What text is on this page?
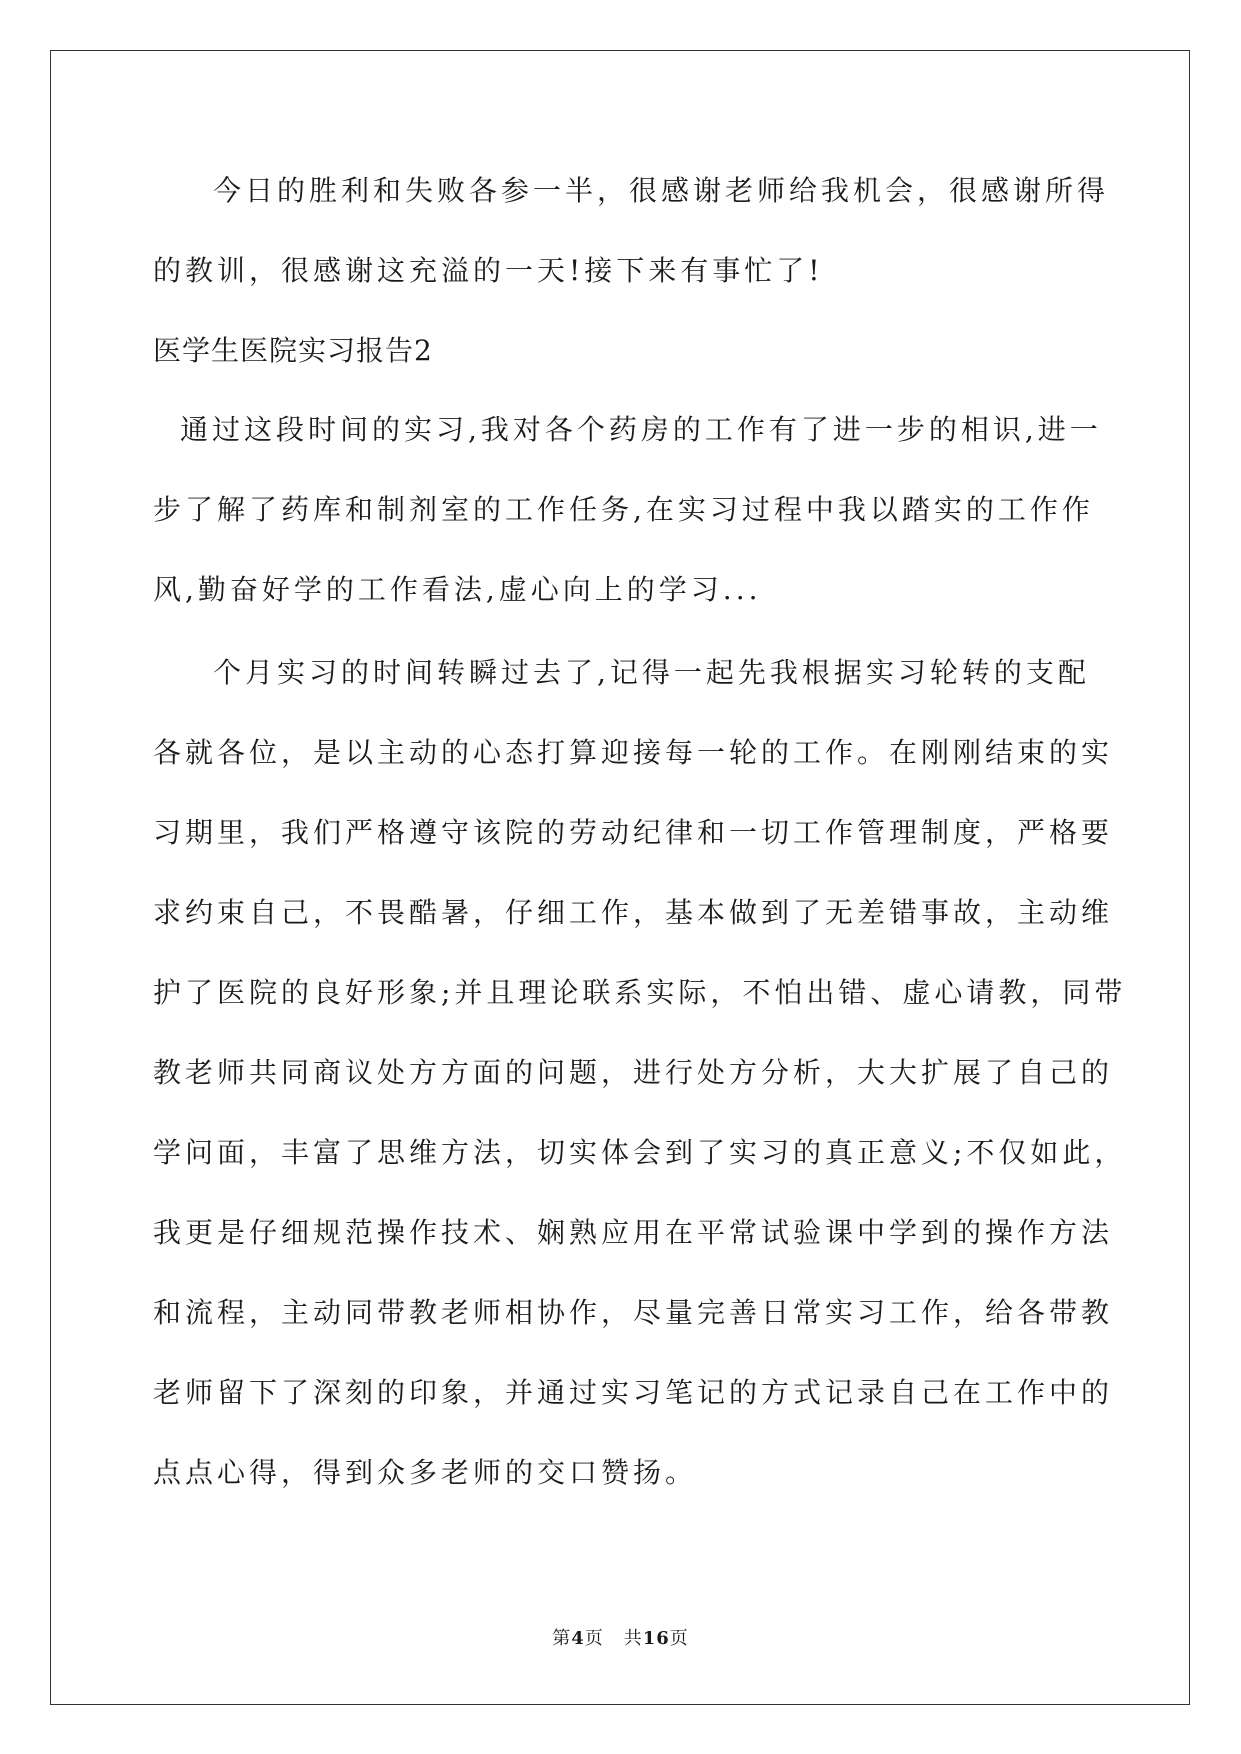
今日的胜利和失败各参一半，很感谢老师给我机会，很感谢所得
的教训，很感谢这充溢的一天!接下来有事忙了!
医学生医院实习报告2
通过这段时间的实习,我对各个药房的工作有了进一步的相识,进一
步了解了药库和制剂室的工作任务,在实习过程中我以踏实的工作作
风,勤奋好学的工作看法,虚心向上的学习...
个月实习的时间转瞬过去了,记得一起先我根据实习轮转的支配
各就各位，是以主动的心态打算迎接每一轮的工作。在刚刚结束的实
习期里，我们严格遵守该院的劳动纪律和一切工作管理制度，严格要
求约束自己，不畏酷暑，仔细工作，基本做到了无差错事故，主动维
护了医院的良好形象;并且理论联系实际，不怕出错、虚心请教，同带
教老师共同商议处方方面的问题，进行处方分析，大大扩展了自己的
学问面，丰富了思维方法，切实体会到了实习的真正意义;不仅如此，
我更是仔细规范操作技术、娴熟应用在平常试验课中学到的操作方法
和流程，主动同带教老师相协作，尽量完善日常实习工作，给各带教
老师留下了深刻的印象，并通过实习笔记的方式记录自己在工作中的
点点心得，得到众多老师的交口赞扬。
第4页 共16页
